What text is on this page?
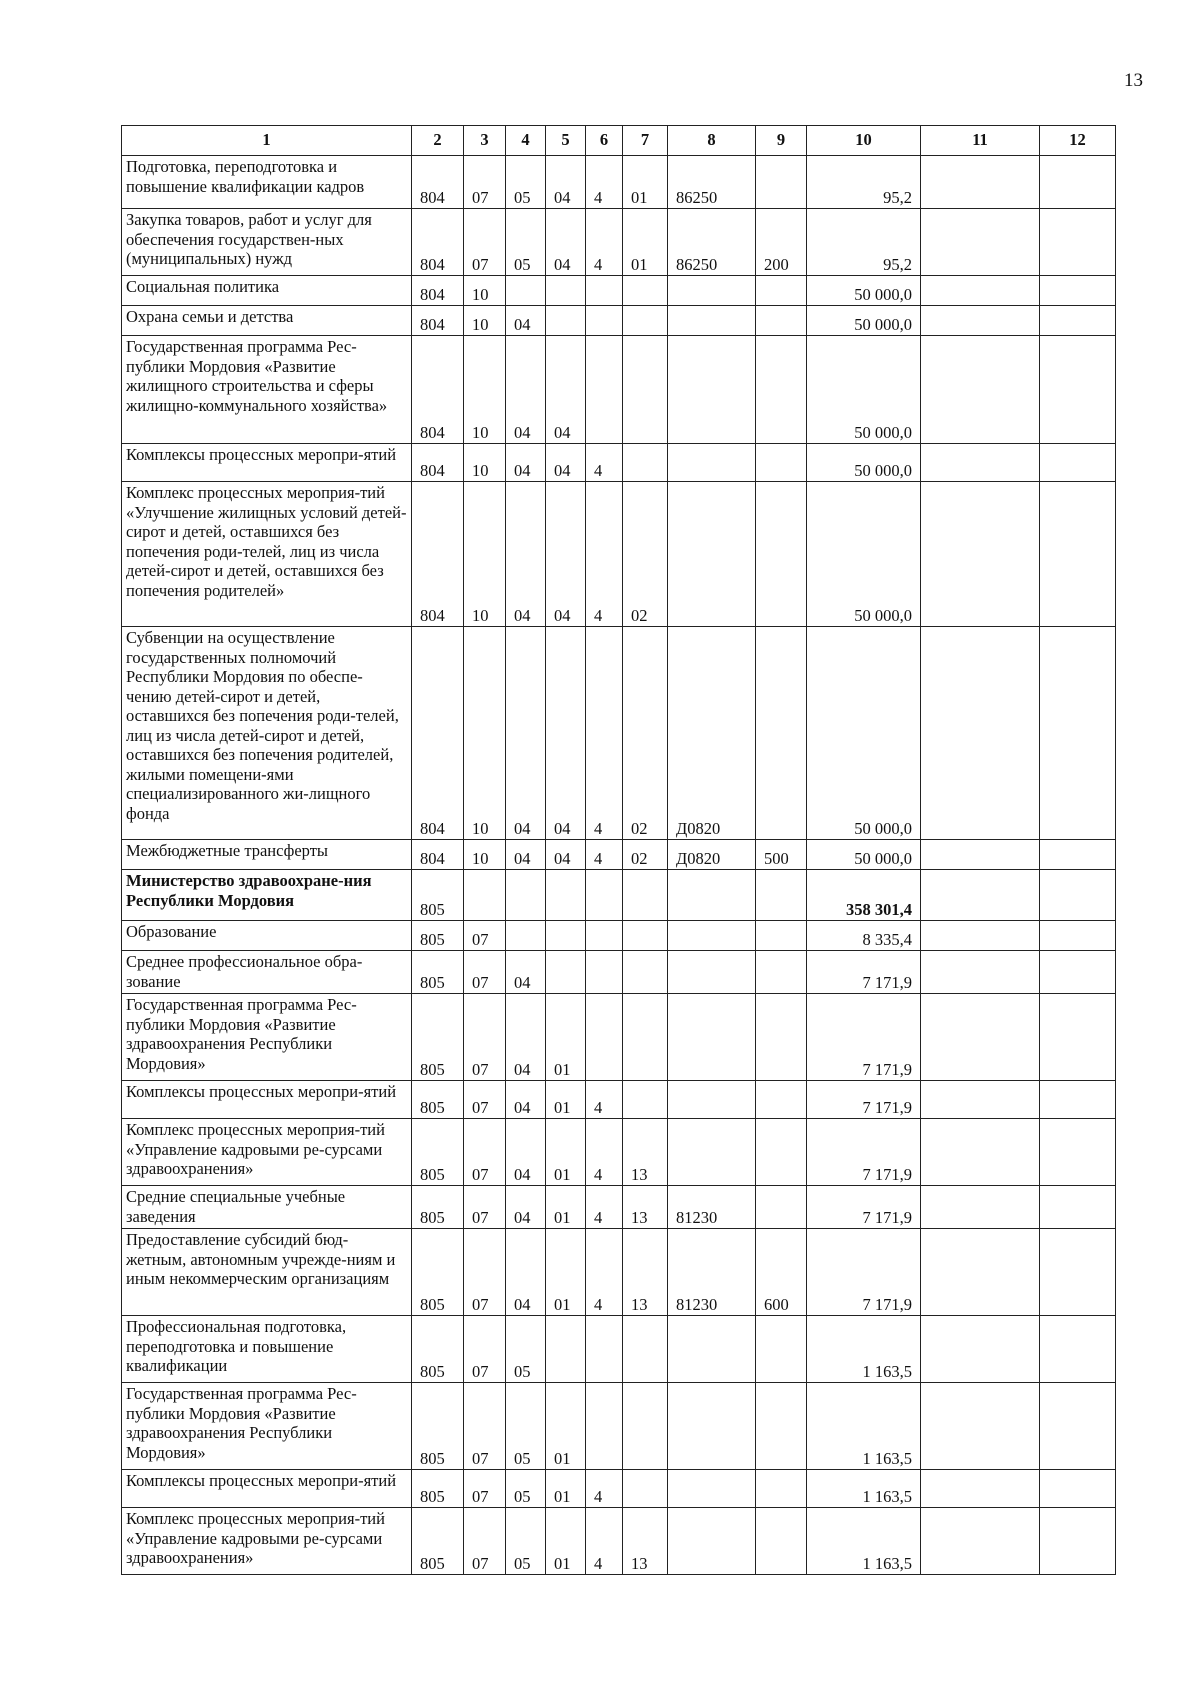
13
1	2	3	4	5	6	7	8	9	10	11	12
Подготовка, переподготовка и повышение квалификации кадров	804	07	05	04	4	01	86250		95,2		
Закупка товаров, работ и услуг для обеспечения государствен-ных (муниципальных) нужд	804	07	05	04	4	01	86250	200	95,2		
Социальная политика	804	10							50 000,0		
Охрана семьи и детства	804	10	04						50 000,0		
Государственная программа Рес-публики Мордовия «Развитие жилищного строительства и сферы жилищно-коммунального хозяйства»	804	10	04	04					50 000,0		
Комплексы процессных меропри-ятий	804	10	04	04	4				50 000,0		
Комплекс процессных мероприя-тий «Улучшение жилищных условий детей-сирот и детей, оставшихся без попечения роди-телей, лиц из числа детей-сирот и детей, оставшихся без попечения родителей»	804	10	04	04	4	02			50 000,0		
Субвенции на осуществление государственных полномочий Республики Мордовия по обеспе-чению детей-сирот и детей, оставшихся без попечения роди-телей, лиц из числа детей-сирот и детей, оставшихся без попечения родителей, жилыми помещени-ями специализированного жи-лищного фонда	804	10	04	04	4	02	Д0820		50 000,0		
Межбюджетные трансферты	804	10	04	04	4	02	Д0820	500	50 000,0		
Министерство здравоохране-ния Республики Мордовия	805								358 301,4		
Образование	805	07							8 335,4		
Среднее профессиональное обра-зование	805	07	04						7 171,9		
Государственная программа Рес-публики Мордовия «Развитие здравоохранения Республики Мордовия»	805	07	04	01					7 171,9		
Комплексы процессных меропри-ятий	805	07	04	01	4				7 171,9		
Комплекс процессных мероприя-тий «Управление кадровыми ре-сурсами здравоохранения»	805	07	04	01	4	13			7 171,9		
Средние специальные учебные заведения	805	07	04	01	4	13	81230		7 171,9		
Предоставление субсидий бюд-жетным, автономным учрежде-ниям и иным некоммерческим организациям	805	07	04	01	4	13	81230	600	7 171,9		
Профессиональная подготовка, переподготовка и повышение квалификации	805	07	05						1 163,5		
Государственная программа Рес-публики Мордовия «Развитие здравоохранения Республики Мордовия»	805	07	05	01					1 163,5		
Комплексы процессных меропри-ятий	805	07	05	01	4				1 163,5		
Комплекс процессных мероприя-тий «Управление кадровыми ре-сурсами здравоохранения»	805	07	05	01	4	13			1 163,5		
